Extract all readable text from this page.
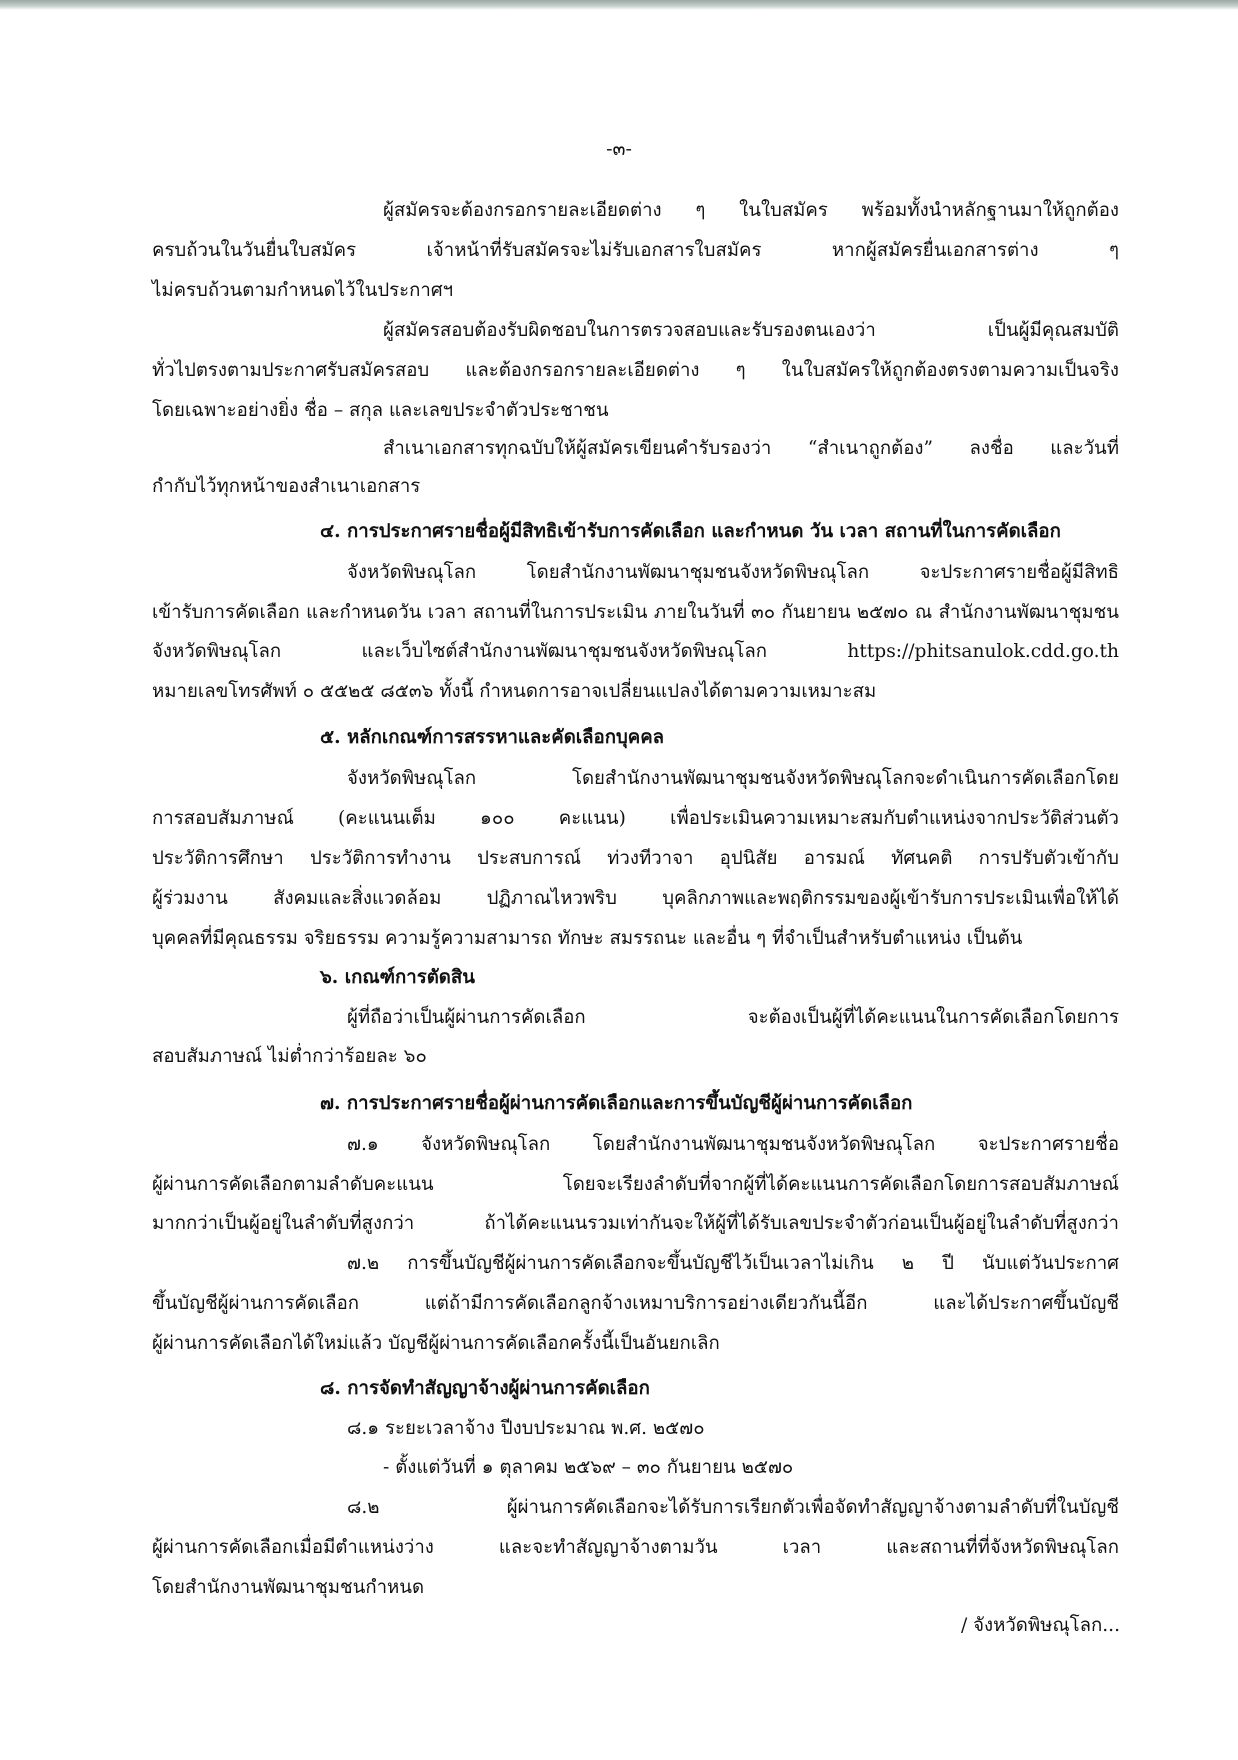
-๓-
ผู้สมัครจะต้องกรอกรายละเอียดต่าง ๆ ในใบสมัคร พร้อมทั้งนำหลักฐานมาให้ถูกต้อง
ครบถ้วนในวันยื่นใบสมัคร เจ้าหน้าที่รับสมัครจะไม่รับเอกสารใบสมัคร หากผู้สมัครยื่นเอกสารต่าง ๆ
ไม่ครบถ้วนตามกำหนดไว้ในประกาศฯ
ผู้สมัครสอบต้องรับผิดชอบในการตรวจสอบและรับรองตนเองว่า เป็นผู้มีคุณสมบัติ
ทั่วไปตรงตามประกาศรับสมัครสอบ และต้องกรอกรายละเอียดต่าง ๆ ในใบสมัครให้ถูกต้องตรงตามความเป็นจริง
โดยเฉพาะอย่างยิ่ง ชื่อ – สกุล และเลขประจำตัวประชาชน
สำเนาเอกสารทุกฉบับให้ผู้สมัครเขียนคำรับรองว่า “สำเนาถูกต้อง” ลงชื่อ และวันที่
กำกับไว้ทุกหน้าของสำเนาเอกสาร
๔. การประกาศรายชื่อผู้มีสิทธิเข้ารับการคัดเลือก และกำหนด วัน เวลา สถานที่ในการคัดเลือก
จังหวัดพิษณุโลก โดยสำนักงานพัฒนาชุมชนจังหวัดพิษณุโลก จะประกาศรายชื่อผู้มีสิทธิ
เข้ารับการคัดเลือก และกำหนดวัน เวลา สถานที่ในการประเมิน ภายในวันที่ ๓๐ กันยายน ๒๕๗๐ ณ สำนักงานพัฒนาชุมชน
จังหวัดพิษณุโลก และเว็บไซต์สำนักงานพัฒนาชุมชนจังหวัดพิษณุโลก https://phitsanulok.cdd.go.th
หมายเลขโทรศัพท์ ๐ ๕๕๒๕ ๘๕๓๖ ทั้งนี้ กำหนดการอาจเปลี่ยนแปลงได้ตามความเหมาะสม
๕. หลักเกณฑ์การสรรหาและคัดเลือกบุคคล
จังหวัดพิษณุโลก โดยสำนักงานพัฒนาชุมชนจังหวัดพิษณุโลกจะดำเนินการคัดเลือกโดย
การสอบสัมภาษณ์ (คะแนนเต็ม ๑๐๐ คะแนน) เพื่อประเมินความเหมาะสมกับตำแหน่งจากประวัติส่วนตัว
ประวัติการศึกษา ประวัติการทำงาน ประสบการณ์ ท่วงทีวาจา อุปนิสัย อารมณ์ ทัศนคติ การปรับตัวเข้ากับ
ผู้ร่วมงาน สังคมและสิ่งแวดล้อม ปฏิภาณไหวพริบ บุคลิกภาพและพฤติกรรมของผู้เข้ารับการประเมินเพื่อให้ได้
บุคคลที่มีคุณธรรม จริยธรรม ความรู้ความสามารถ ทักษะ สมรรถนะ และอื่น ๆ ที่จำเป็นสำหรับตำแหน่ง เป็นต้น
๖. เกณฑ์การตัดสิน
ผู้ที่ถือว่าเป็นผู้ผ่านการคัดเลือก จะต้องเป็นผู้ที่ได้คะแนนในการคัดเลือกโดยการ
สอบสัมภาษณ์ ไม่ต่ำกว่าร้อยละ ๖๐
๗. การประกาศรายชื่อผู้ผ่านการคัดเลือกและการขึ้นบัญชีผู้ผ่านการคัดเลือก
๗.๑ จังหวัดพิษณุโลก โดยสำนักงานพัฒนาชุมชนจังหวัดพิษณุโลก จะประกาศรายชื่อ
ผู้ผ่านการคัดเลือกตามลำดับคะแนน โดยจะเรียงลำดับที่จากผู้ที่ได้คะแนนการคัดเลือกโดยการสอบสัมภาษณ์
มากกว่าเป็นผู้อยู่ในลำดับที่สูงกว่า ถ้าได้คะแนนรวมเท่ากันจะให้ผู้ที่ได้รับเลขประจำตัวก่อนเป็นผู้อยู่ในลำดับที่สูงกว่า
๗.๒ การขึ้นบัญชีผู้ผ่านการคัดเลือกจะขึ้นบัญชีไว้เป็นเวลาไม่เกิน ๒ ปี นับแต่วันประกาศ
ขึ้นบัญชีผู้ผ่านการคัดเลือก แต่ถ้ามีการคัดเลือกลูกจ้างเหมาบริการอย่างเดียวกันนี้อีก และได้ประกาศขึ้นบัญชี
ผู้ผ่านการคัดเลือกได้ใหม่แล้ว บัญชีผู้ผ่านการคัดเลือกครั้งนี้เป็นอันยกเลิก
๘. การจัดทำสัญญาจ้างผู้ผ่านการคัดเลือก
๘.๑ ระยะเวลาจ้าง ปีงบประมาณ พ.ศ. ๒๕๗๐
- ตั้งแต่วันที่ ๑ ตุลาคม ๒๕๖๙ – ๓๐ กันยายน ๒๕๗๐
๘.๒ ผู้ผ่านการคัดเลือกจะได้รับการเรียกตัวเพื่อจัดทำสัญญาจ้างตามลำดับที่ในบัญชี
ผู้ผ่านการคัดเลือกเมื่อมีตำแหน่งว่าง และจะทำสัญญาจ้างตามวัน เวลา และสถานที่ที่จังหวัดพิษณุโลก
โดยสำนักงานพัฒนาชุมชนกำหนด
/ จังหวัดพิษณุโลก...
